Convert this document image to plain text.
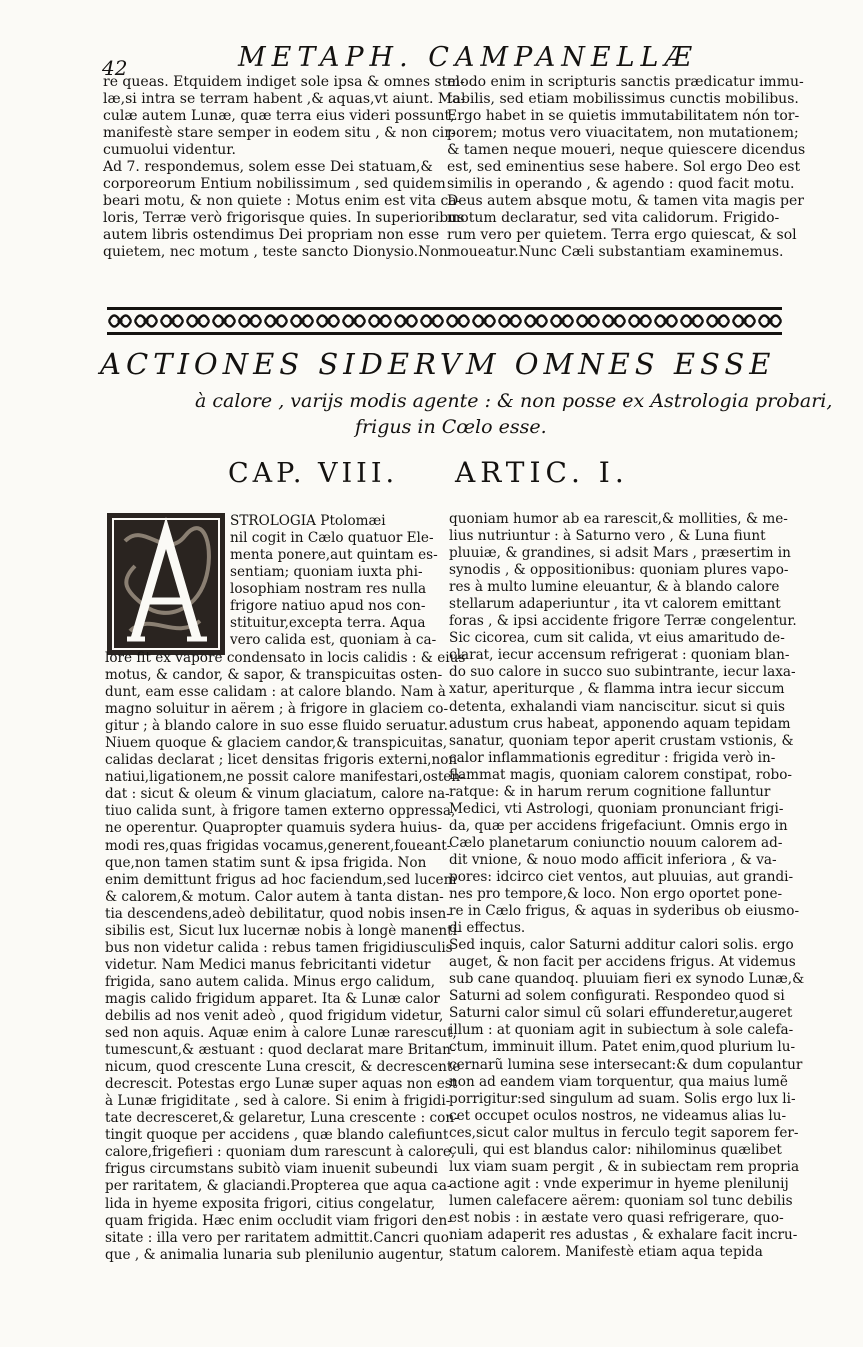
42	METAPH. CAMPANELLÆ
re queas. Etquidem indiget sole ipsa & omnes stel-
læ,si intra se terram habent ,& aquas,vt aiunt. Ma-
culæ autem Lunæ, quæ terra eius videri possunt,
manifestè stare semper in eodem situ , & non cir-
cumuolui videntur.
Ad 7. respondemus, solem esse Dei statuam,&
corporeorum Entium nobilissimum , sed quidem
beari motu, & non quiete : Motus enim est vita ca-
loris, Terræ verò frigorisque quies. In superioribus
autem libris ostendimus Dei propriam non esse
quietem, nec motum , teste sancto Dionysio.Non
modo enim in scripturis sanctis prædicatur immu-
tabilis, sed etiam mobilissimus cunctis mobilibus.
Ergo habet in se quietis immutabilitatem nón tor-
porem; motus vero viuacitatem, non mutationem;
& tamen neque moueri, neque quiescere dicendus
est, sed eminentius sese habere. Sol ergo Deo est
similis in operando , & agendo : quod facit motu.
Deus autem absque motu, & tamen vita magis per
motum declaratur, sed vita calidorum. Frigido-
rum vero per quietem. Terra ergo quiescat, & sol
moueatur.Nunc Cæli substantiam examinemus.
ACTIONES SIDERVM OMNES ESSE
à calore , varijs modis agente : & non posse ex Astrologia probari,
frigus in Cœlo esse.
CAP. VIII. ARTIC. I.
STROLOGIA Ptolomæi
nil cogit in Cælo quatuor Ele-
menta ponere,aut quintam es-
sentiam; quoniam iuxta phi-
losophiam nostram res nulla
frigore natiuo apud nos con-
stituitur,excepta terra. Aqua
vero calida est, quoniam à ca-
lore fit ex vapore condensato in locis calidis : & eius
motus, & candor, & sapor, & transpicuitas osten-
dunt, eam esse calidam : at calore blando. Nam à
magno soluitur in aërem ; à frigore in glaciem co-
gitur ; à blando calore in suo esse fluido seruatur.
Niuem quoque & glaciem candor,& transpicuitas,
calidas declarat ; licet densitas frigoris externi,non
natiui,ligationem,ne possit calore manifestari,osten-
dat : sicut & oleum & vinum glaciatum, calore na-
tiuo calida sunt, à frigore tamen externo oppressa,
ne operentur. Quapropter quamuis sydera huius-
modi res,quas frigidas vocamus,generent,foueant-
que,non tamen statim sunt & ipsa frigida. Non
enim demittunt frigus ad hoc faciendum,sed lucem
& calorem,& motum. Calor autem à tanta distan-
tia descendens,adeò debilitatur, quod nobis insen-
sibilis est, Sicut lux lucernæ nobis à longè manenti-
bus non videtur calida : rebus tamen frigidiusculis
videtur. Nam Medici manus febricitanti videtur
frigida, sano autem calida. Minus ergo calidum,
magis calido frigidum apparet. Ita & Lunæ calor
debilis ad nos venit adeò , quod frigidum videtur,
sed non aquis. Aquæ enim à calore Lunæ rarescut,
tumescunt,& æstuant : quod declarat mare Britan-
nicum, quod crescente Luna crescit, & decrescente
decrescit. Potestas ergo Lunæ super aquas non est
à Lunæ frigiditate , sed à calore. Si enim à frigidi-
tate decresceret,& gelaretur, Luna crescente : con-
tingit quoque per accidens , quæ blando calefiunt
calore,frigefieri : quoniam dum rarescunt à calore,
frigus circumstans subitò viam inuenit subeundi
per raritatem, & glaciandi.Propterea que aqua ca-
lida in hyeme exposita frigori, citius congelatur,
quam frigida. Hæc enim occludit viam frigori den-
sitate : illa vero per raritatem admittit.Cancri quo-
que , & animalia lunaria sub plenilunio augentur,
quoniam humor ab ea rarescit,& mollities, & me-
lius nutriuntur : à Saturno vero , & Luna fiunt
pluuiæ, & grandines, si adsit Mars , præsertim in
synodis , & oppositionibus: quoniam plures vapo-
res à multo lumine eleuantur, & à blando calore
stellarum adaperiuntur , ita vt calorem emittant
foras , & ipsi accidente frigore Terræ congelentur.
Sic cicorea, cum sit calida, vt eius amaritudo de-
clarat, iecur accensum refrigerat : quoniam blan-
do suo calore in succo suo subintrante, iecur laxa-
xatur, aperiturque , & flamma intra iecur siccum
detenta, exhalandi viam nanciscitur. sicut si quis
adustum crus habeat, apponendo aquam tepidam
sanatur, quoniam tepor aperit crustam vstionis, &
calor inflammationis egreditur : frigida verò in-
flammat magis, quoniam calorem constipat, robo-
ratque: & in harum rerum cognitione falluntur
Medici, vti Astrologi, quoniam pronunciant frigi-
da, quæ per accidens frigefaciunt. Omnis ergo in
Cælo planetarum coniunctio nouum calorem ad-
dit vnione, & nouo modo afficit inferiora , & va-
pores: idcirco ciet ventos, aut pluuias, aut grandi-
nes pro tempore,& loco. Non ergo oportet pone-
re in Cælo frigus, & aquas in syderibus ob eiusmo-
di effectus.
Sed inquis, calor Saturni additur calori solis. ergo
auget, & non facit per accidens frigus. At videmus
sub cane quandoq. pluuiam fieri ex synodo Lunæ,&
Saturni ad solem configurati. Respondeo quod si
Saturni calor simul cũ solari effunderetur,augeret
illum : at quoniam agit in subiectum à sole calefa-
ctum, imminuit illum. Patet enim,quod plurium lu-
cernarũ lumina sese intersecant:& dum copulantur
non ad eandem viam torquentur, qua maius lumẽ
porrigitur:sed singulum ad suam. Solis ergo lux li-
cet occupet oculos nostros, ne videamus alias lu-
ces,sicut calor multus in ferculo tegit saporem fer-
culi, qui est blandus calor: nihilominus quælibet
lux viam suam pergit , & in subiectam rem propria
actione agit : vnde experimur in hyeme plenilunij
lumen calefacere aërem: quoniam sol tunc debilis
est nobis : in æstate vero quasi refrigerare, quo-
niam adaperit res adustas , & exhalare facit incru-
statum calorem. Manifestè etiam aqua tepida
